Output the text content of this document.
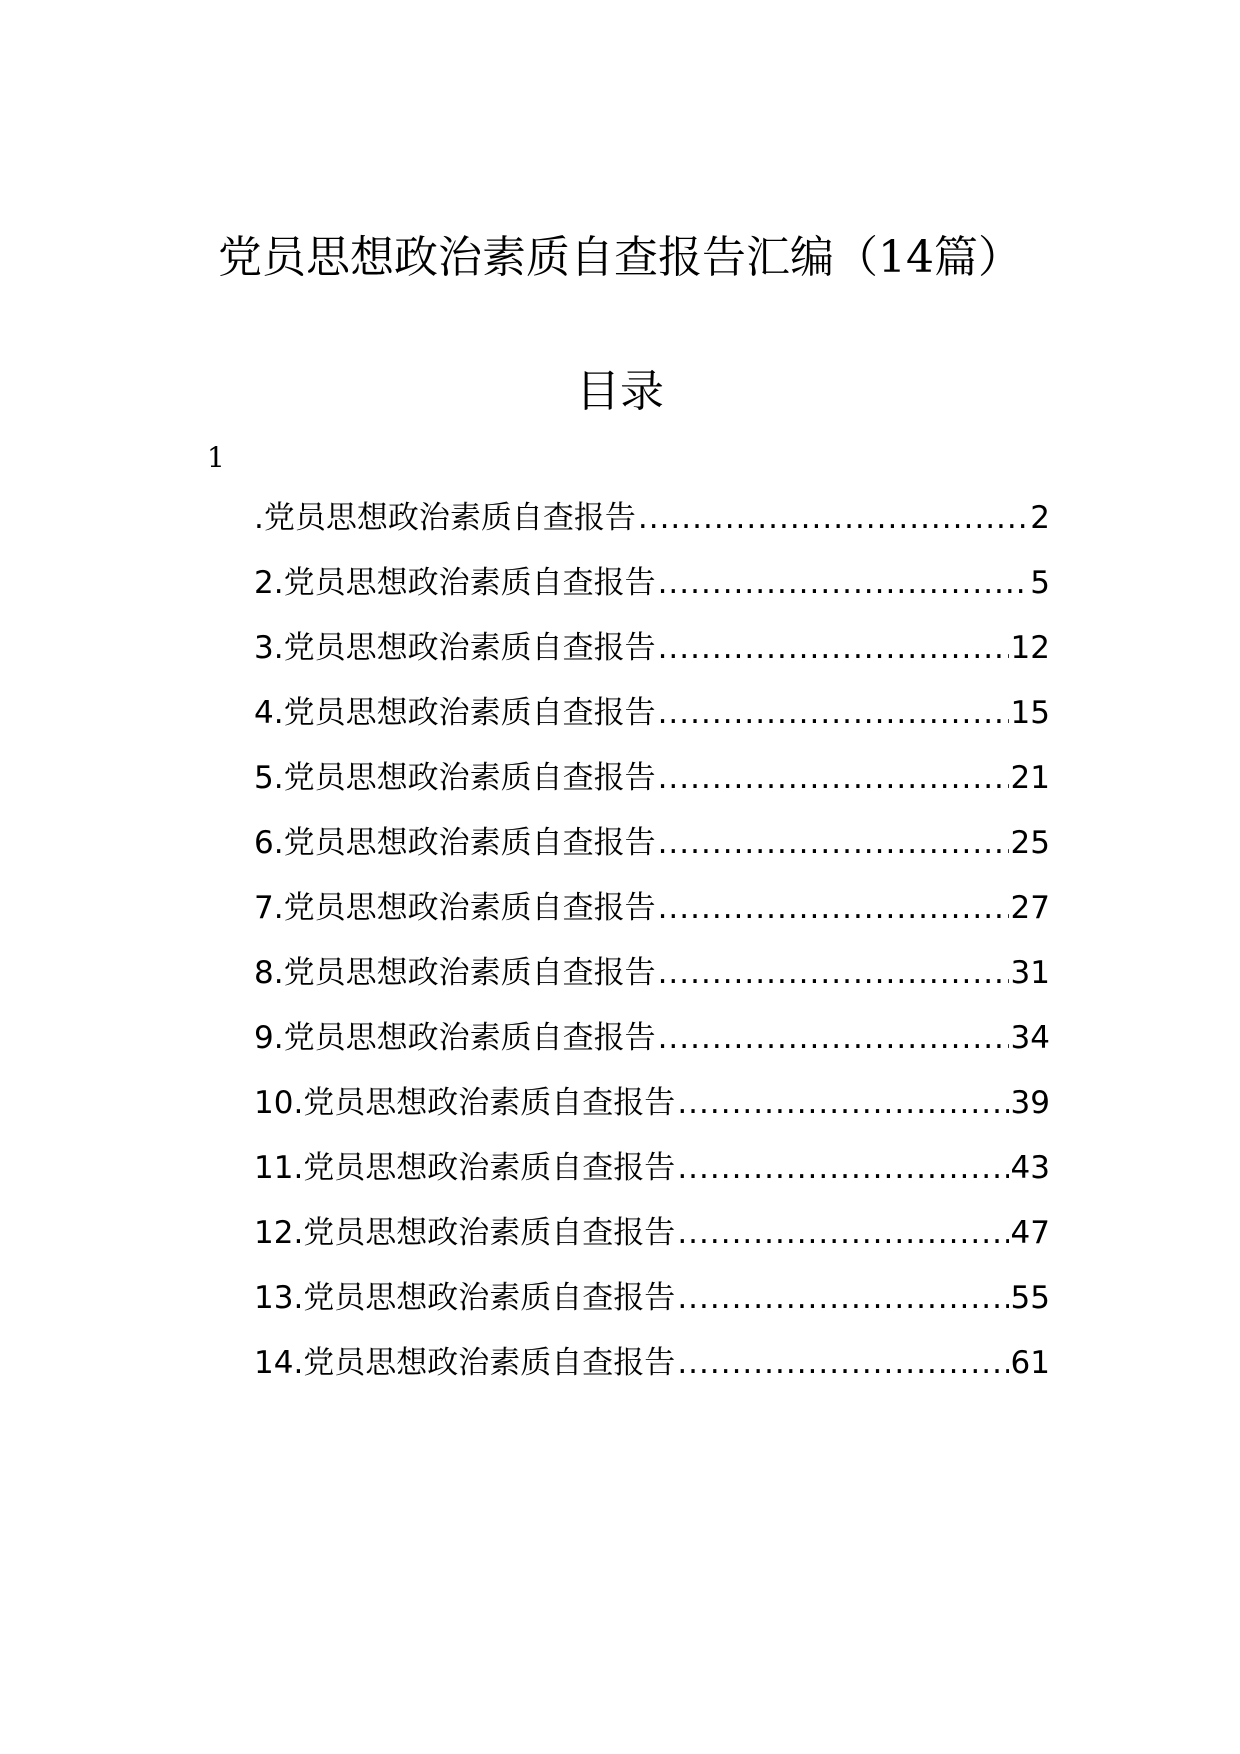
党员思想政治素质自查报告汇编（14篇）
目录
1
.党员思想政治素质自查报告 .....	2
2.党员思想政治素质自查报告 .....	5
3.党员思想政治素质自查报告 .....	12
4.党员思想政治素质自查报告 .....	15
5.党员思想政治素质自查报告 .....	21
6.党员思想政治素质自查报告 .....	25
7.党员思想政治素质自查报告 .....	27
8.党员思想政治素质自查报告 .....	31
9.党员思想政治素质自查报告 .....	34
10.党员思想政治素质自查报告 .....	39
11.党员思想政治素质自查报告 .....	43
12.党员思想政治素质自查报告 .....	47
13.党员思想政治素质自查报告 .....	55
14.党员思想政治素质自查报告 .....	61
